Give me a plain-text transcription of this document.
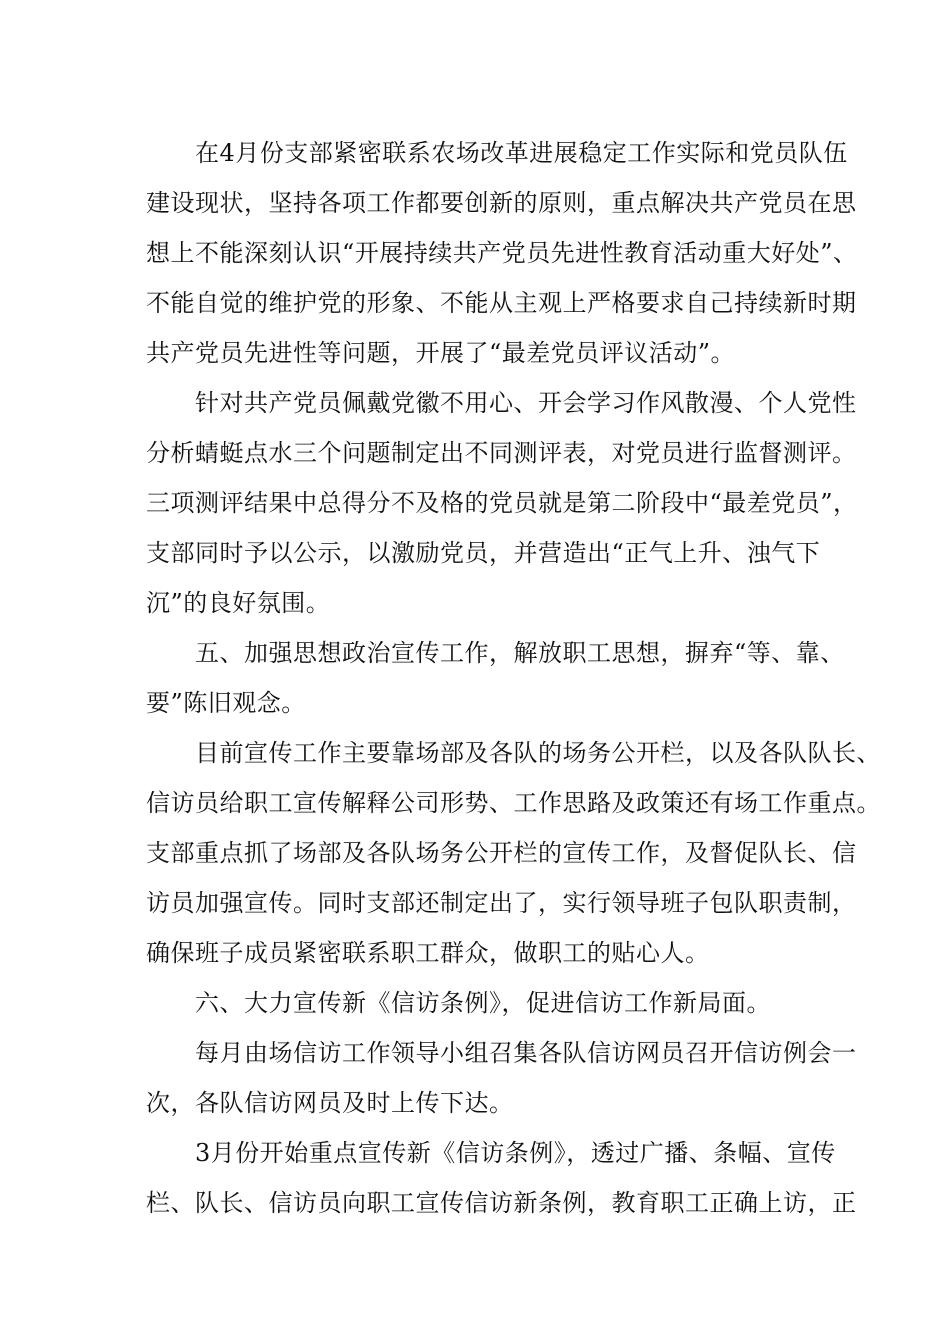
　　在4月份支部紧密联系农场改革进展稳定工作实际和党员队伍
建设现状，坚持各项工作都要创新的原则，重点解决共产党员在思
想上不能深刻认识“开展持续共产党员先进性教育活动重大好处”、
不能自觉的维护党的形象、不能从主观上严格要求自己持续新时期
共产党员先进性等问题，开展了“最差党员评议活动”。

　　针对共产党员佩戴党徽不用心、开会学习作风散漫、个人党性
分析蜻蜓点水三个问题制定出不同测评表，对党员进行监督测评。
三项测评结果中总得分不及格的党员就是第二阶段中“最差党员”，
支部同时予以公示，以激励党员，并营造出“正气上升、浊气下
沉”的良好氛围。

　　五、加强思想政治宣传工作，解放职工思想，摒弃“等、靠、
要”陈旧观念。

　　目前宣传工作主要靠场部及各队的场务公开栏，以及各队队长、
信访员给职工宣传解释公司形势、工作思路及政策还有场工作重点。
支部重点抓了场部及各队场务公开栏的宣传工作，及督促队长、信
访员加强宣传。同时支部还制定出了，实行领导班子包队职责制，
确保班子成员紧密联系职工群众，做职工的贴心人。

　　六、大力宣传新《信访条例》，促进信访工作新局面。

　　每月由场信访工作领导小组召集各队信访网员召开信访例会一
次，各队信访网员及时上传下达。

　　3月份开始重点宣传新《信访条例》，透过广播、条幅、宣传
栏、队长、信访员向职工宣传信访新条例，教育职工正确上访，正
